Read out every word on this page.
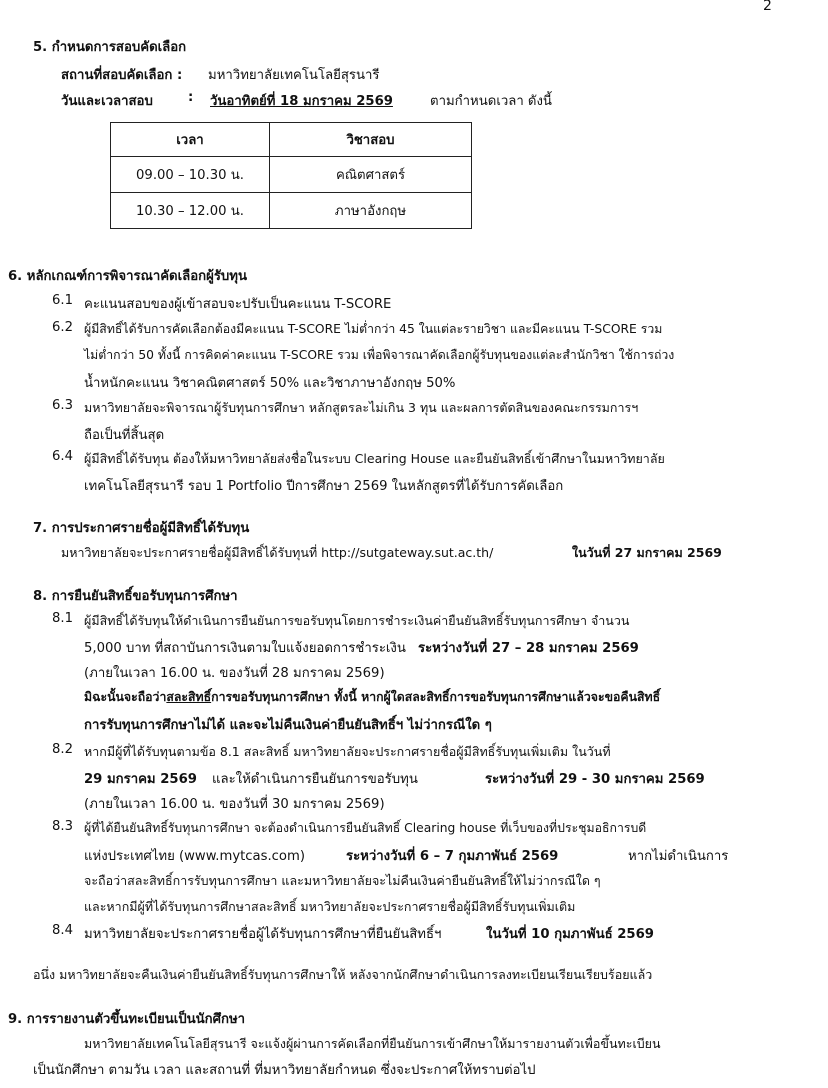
2
5. กำหนดการสอบคัดเลือก
สถานที่สอบคัดเลือก : มหาวิทยาลัยเทคโนโลยีสุรนารี
วันและเวลาสอบ	: วันอาทิตย์ที่ 18 มกราคม 2569	ตามกำหนดเวลา ดังนี้
เวลา	วิชาสอบ
09.00 – 10.30 น.	คณิตศาสตร์
10.30 – 12.00 น.	ภาษาอังกฤษ
6. หลักเกณฑ์การพิจารณาคัดเลือกผู้รับทุน
6.1 คะแนนสอบของผู้เข้าสอบจะปรับเป็นคะแนน T-SCORE
6.2 ผู้มีสิทธิ์ได้รับการคัดเลือกต้องมีคะแนน T-SCORE ไม่ต่ำกว่า 45 ในแต่ละรายวิชา และมีคะแนน T-SCORE รวม
ไม่ต่ำกว่า 50 ทั้งนี้ การคิดค่าคะแนน T-SCORE รวม เพื่อพิจารณาคัดเลือกผู้รับทุนของแต่ละสำนักวิชา ใช้การถ่วง
น้ำหนักคะแนน วิชาคณิตศาสตร์ 50% และวิชาภาษาอังกฤษ 50%
6.3 มหาวิทยาลัยจะพิจารณาผู้รับทุนการศึกษา หลักสูตรละไม่เกิน 3 ทุน และผลการตัดสินของคณะกรรมการฯ
ถือเป็นที่สิ้นสุด
6.4 ผู้มีสิทธิ์ได้รับทุน ต้องให้มหาวิทยาลัยส่งชื่อในระบบ Clearing House และยืนยันสิทธิ์เข้าศึกษาในมหาวิทยาลัย
เทคโนโลยีสุรนารี รอบ 1 Portfolio ปีการศึกษา 2569 ในหลักสูตรที่ได้รับการคัดเลือก
7. การประกาศรายชื่อผู้มีสิทธิ์ได้รับทุน
มหาวิทยาลัยจะประกาศรายชื่อผู้มีสิทธิ์ได้รับทุนที่ http://sutgateway.sut.ac.th/	ในวันที่ 27 มกราคม 2569
8. การยืนยันสิทธิ์ขอรับทุนการศึกษา
8.1 ผู้มีสิทธิ์ได้รับทุนให้ดำเนินการยืนยันการขอรับทุนโดยการชำระเงินค่ายืนยันสิทธิ์รับทุนการศึกษา จำนวน
5,000 บาท ที่สถาบันการเงินตามใบแจ้งยอดการชำระเงิน ระหว่างวันที่ 27 – 28 มกราคม 2569
(ภายในเวลา 16.00 น. ของวันที่ 28 มกราคม 2569)
มิฉะนั้นจะถือว่าสละสิทธิ์การขอรับทุนการศึกษา ทั้งนี้ หากผู้ใดสละสิทธิ์การขอรับทุนการศึกษาแล้วจะขอคืนสิทธิ์
การรับทุนการศึกษาไม่ได้ และจะไม่คืนเงินค่ายืนยันสิทธิ์ฯ ไม่ว่ากรณีใด ๆ
8.2 หากมีผู้ที่ได้รับทุนตามข้อ 8.1 สละสิทธิ์ มหาวิทยาลัยจะประกาศรายชื่อผู้มีสิทธิ์รับทุนเพิ่มเติม ในวันที่
29 มกราคม 2569 และให้ดำเนินการยืนยันการขอรับทุน	ระหว่างวันที่ 29 - 30 มกราคม 2569
(ภายในเวลา 16.00 น. ของวันที่ 30 มกราคม 2569)
8.3 ผู้ที่ได้ยืนยันสิทธิ์รับทุนการศึกษา จะต้องดำเนินการยืนยันสิทธิ์ Clearing house ที่เว็บของที่ประชุมอธิการบดี
แห่งประเทศไทย (www.mytcas.com)	ระหว่างวันที่ 6 – 7 กุมภาพันธ์ 2569	หากไม่ดำเนินการ
จะถือว่าสละสิทธิ์การรับทุนการศึกษา และมหาวิทยาลัยจะไม่คืนเงินค่ายืนยันสิทธิ์ให้ไม่ว่ากรณีใด ๆ
และหากมีผู้ที่ได้รับทุนการศึกษาสละสิทธิ์ มหาวิทยาลัยจะประกาศรายชื่อผู้มีสิทธิ์รับทุนเพิ่มเติม
8.4 มหาวิทยาลัยจะประกาศรายชื่อผู้ได้รับทุนการศึกษาที่ยืนยันสิทธิ์ฯ	ในวันที่ 10 กุมภาพันธ์ 2569
อนึ่ง มหาวิทยาลัยจะคืนเงินค่ายืนยันสิทธิ์รับทุนการศึกษาให้ หลังจากนักศึกษาดำเนินการลงทะเบียนเรียนเรียบร้อยแล้ว
9. การรายงานตัวขึ้นทะเบียนเป็นนักศึกษา
มหาวิทยาลัยเทคโนโลยีสุรนารี จะแจ้งผู้ผ่านการคัดเลือกที่ยืนยันการเข้าศึกษาให้มารายงานตัวเพื่อขึ้นทะเบียน
เป็นนักศึกษา ตามวัน เวลา และสถานที่ ที่มหาวิทยาลัยกำหนด ซึ่งจะประกาศให้ทราบต่อไป
